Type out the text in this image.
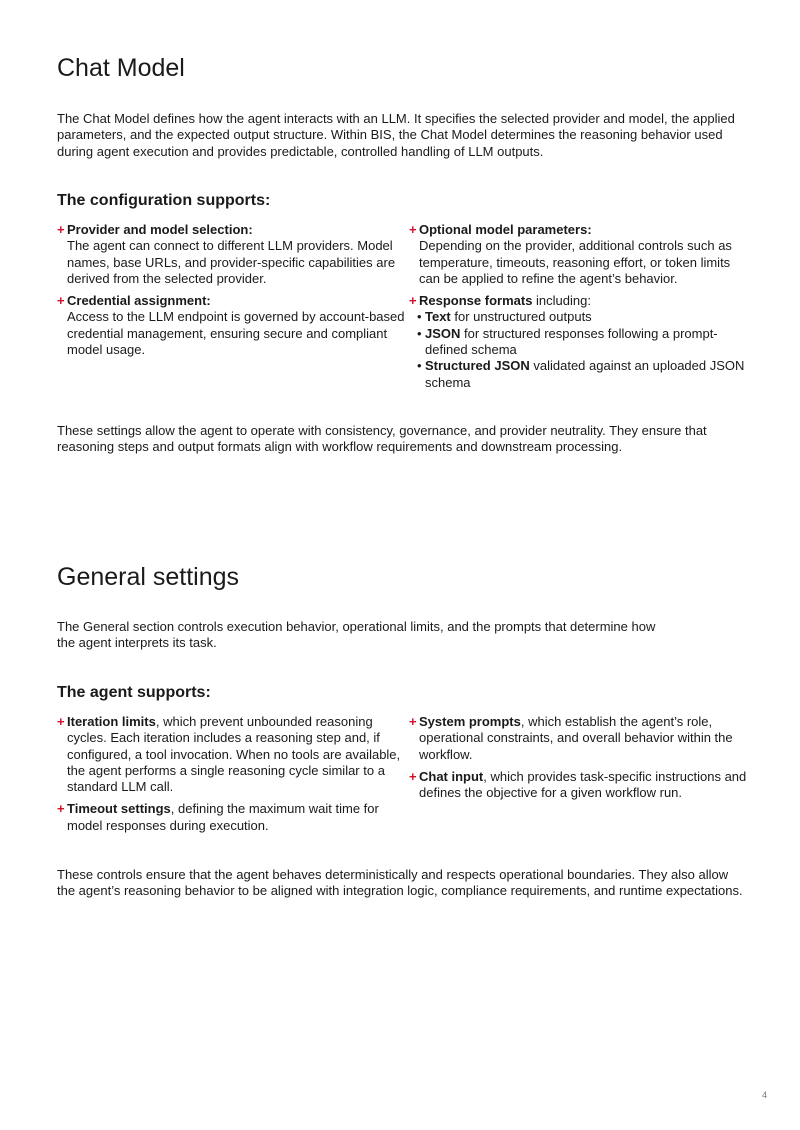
Chat Model

The Chat Model defines how the agent interacts with an LLM. It specifies the selected provider and model, the applied parameters, and the expected output structure. Within BIS, the Chat Model determines the reasoning behavior used during agent execution and provides predictable, controlled handling of LLM outputs.

The configuration supports:
+ Provider and model selection:
The agent can connect to different LLM providers. Model names, base URLs, and provider-specific capabilities are derived from the selected provider.
+ Credential assignment:
Access to the LLM endpoint is governed by account-based credential management, ensuring secure and compliant model usage.
+ Optional model parameters:
Depending on the provider, additional controls such as temperature, timeouts, reasoning effort, or token limits can be applied to refine the agent’s behavior.
+ Response formats including:
• Text for unstructured outputs
• JSON for structured responses following a prompt-defined schema
• Structured JSON validated against an uploaded JSON schema

These settings allow the agent to operate with consistency, governance, and provider neutrality. They ensure that reasoning steps and output formats align with workflow requirements and downstream processing.

General settings

The General section controls execution behavior, operational limits, and the prompts that determine how the agent interprets its task.

The agent supports:
+ Iteration limits, which prevent unbounded reasoning cycles. Each iteration includes a reasoning step and, if configured, a tool invocation. When no tools are available, the agent performs a single reasoning cycle similar to a standard LLM call.
+ Timeout settings, defining the maximum wait time for model responses during execution.
+ System prompts, which establish the agent’s role, operational constraints, and overall behavior within the workflow.
+ Chat input, which provides task-specific instructions and defines the objective for a given workflow run.

These controls ensure that the agent behaves deterministically and respects operational boundaries. They also allow the agent’s reasoning behavior to be aligned with integration logic, compliance requirements, and runtime expectations.

4
